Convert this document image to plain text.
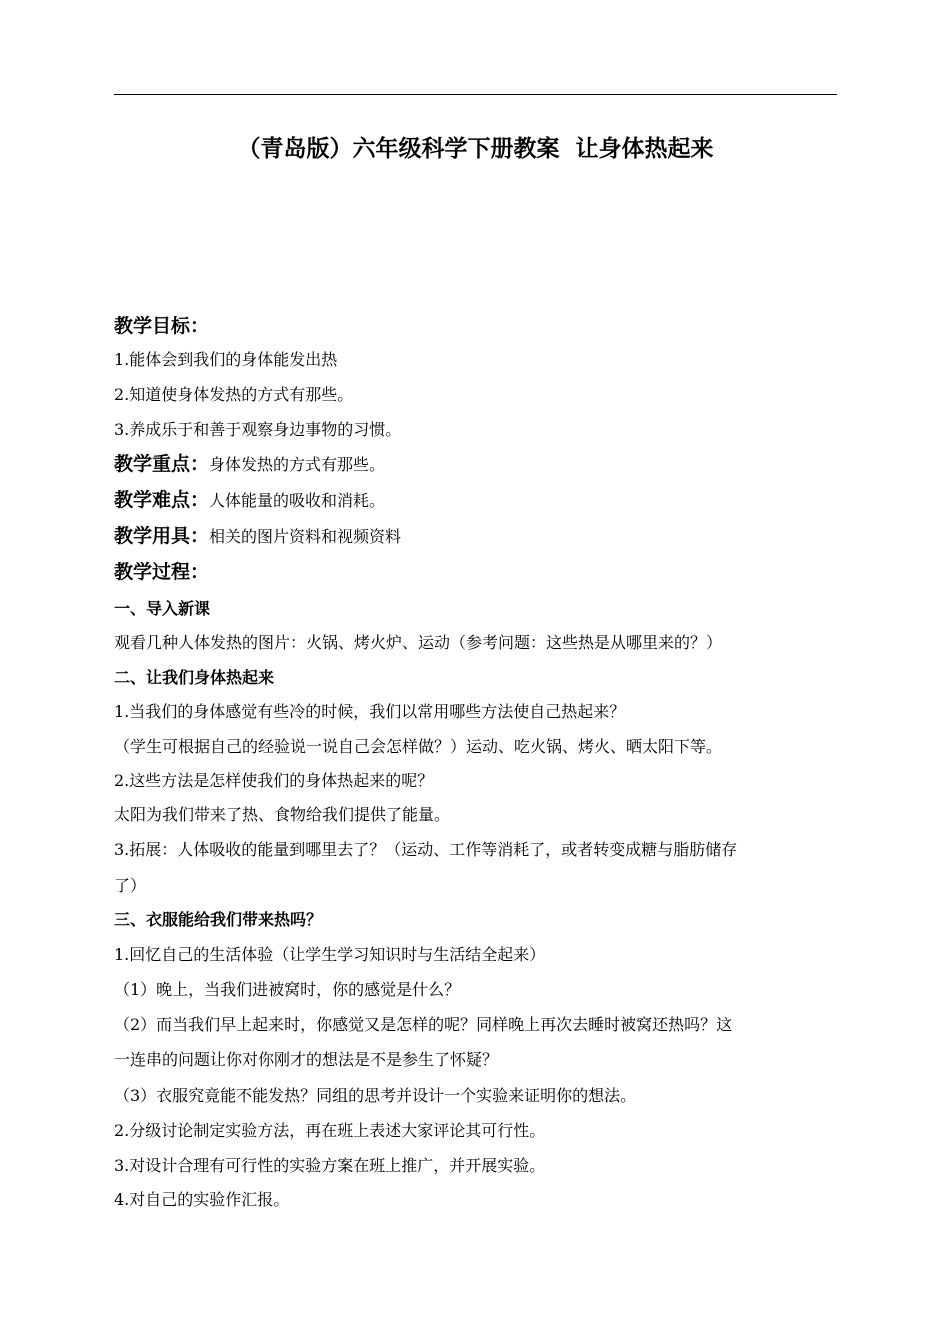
（青岛版）六年级科学下册教案  让身体热起来
教学目标：
1.能体会到我们的身体能发出热
2.知道使身体发热的方式有那些。
3.养成乐于和善于观察身边事物的习惯。
教学重点：身体发热的方式有那些。
教学难点：人体能量的吸收和消耗。
教学用具：相关的图片资料和视频资料
教学过程：
一、导入新课
观看几种人体发热的图片：火锅、烤火炉、运动（参考问题：这些热是从哪里来的？）
二、让我们身体热起来
1.当我们的身体感觉有些冷的时候，我们以常用哪些方法使自己热起来？
（学生可根据自己的经验说一说自己会怎样做？）运动、吃火锅、烤火、晒太阳下等。
2.这些方法是怎样使我们的身体热起来的呢？
太阳为我们带来了热、食物给我们提供了能量。
3.拓展：人体吸收的能量到哪里去了？（运动、工作等消耗了，或者转变成糖与脂肪储存
了）
三、衣服能给我们带来热吗？
1.回忆自己的生活体验（让学生学习知识时与生活结全起来）
（1）晚上，当我们进被窝时，你的感觉是什么？
（2）而当我们早上起来时，你感觉又是怎样的呢？同样晚上再次去睡时被窝还热吗？这
一连串的问题让你对你刚才的想法是不是参生了怀疑？
（3）衣服究竟能不能发热？同组的思考并设计一个实验来证明你的想法。
2.分级讨论制定实验方法，再在班上表述大家评论其可行性。
3.对设计合理有可行性的实验方案在班上推广，并开展实验。
4.对自己的实验作汇报。
